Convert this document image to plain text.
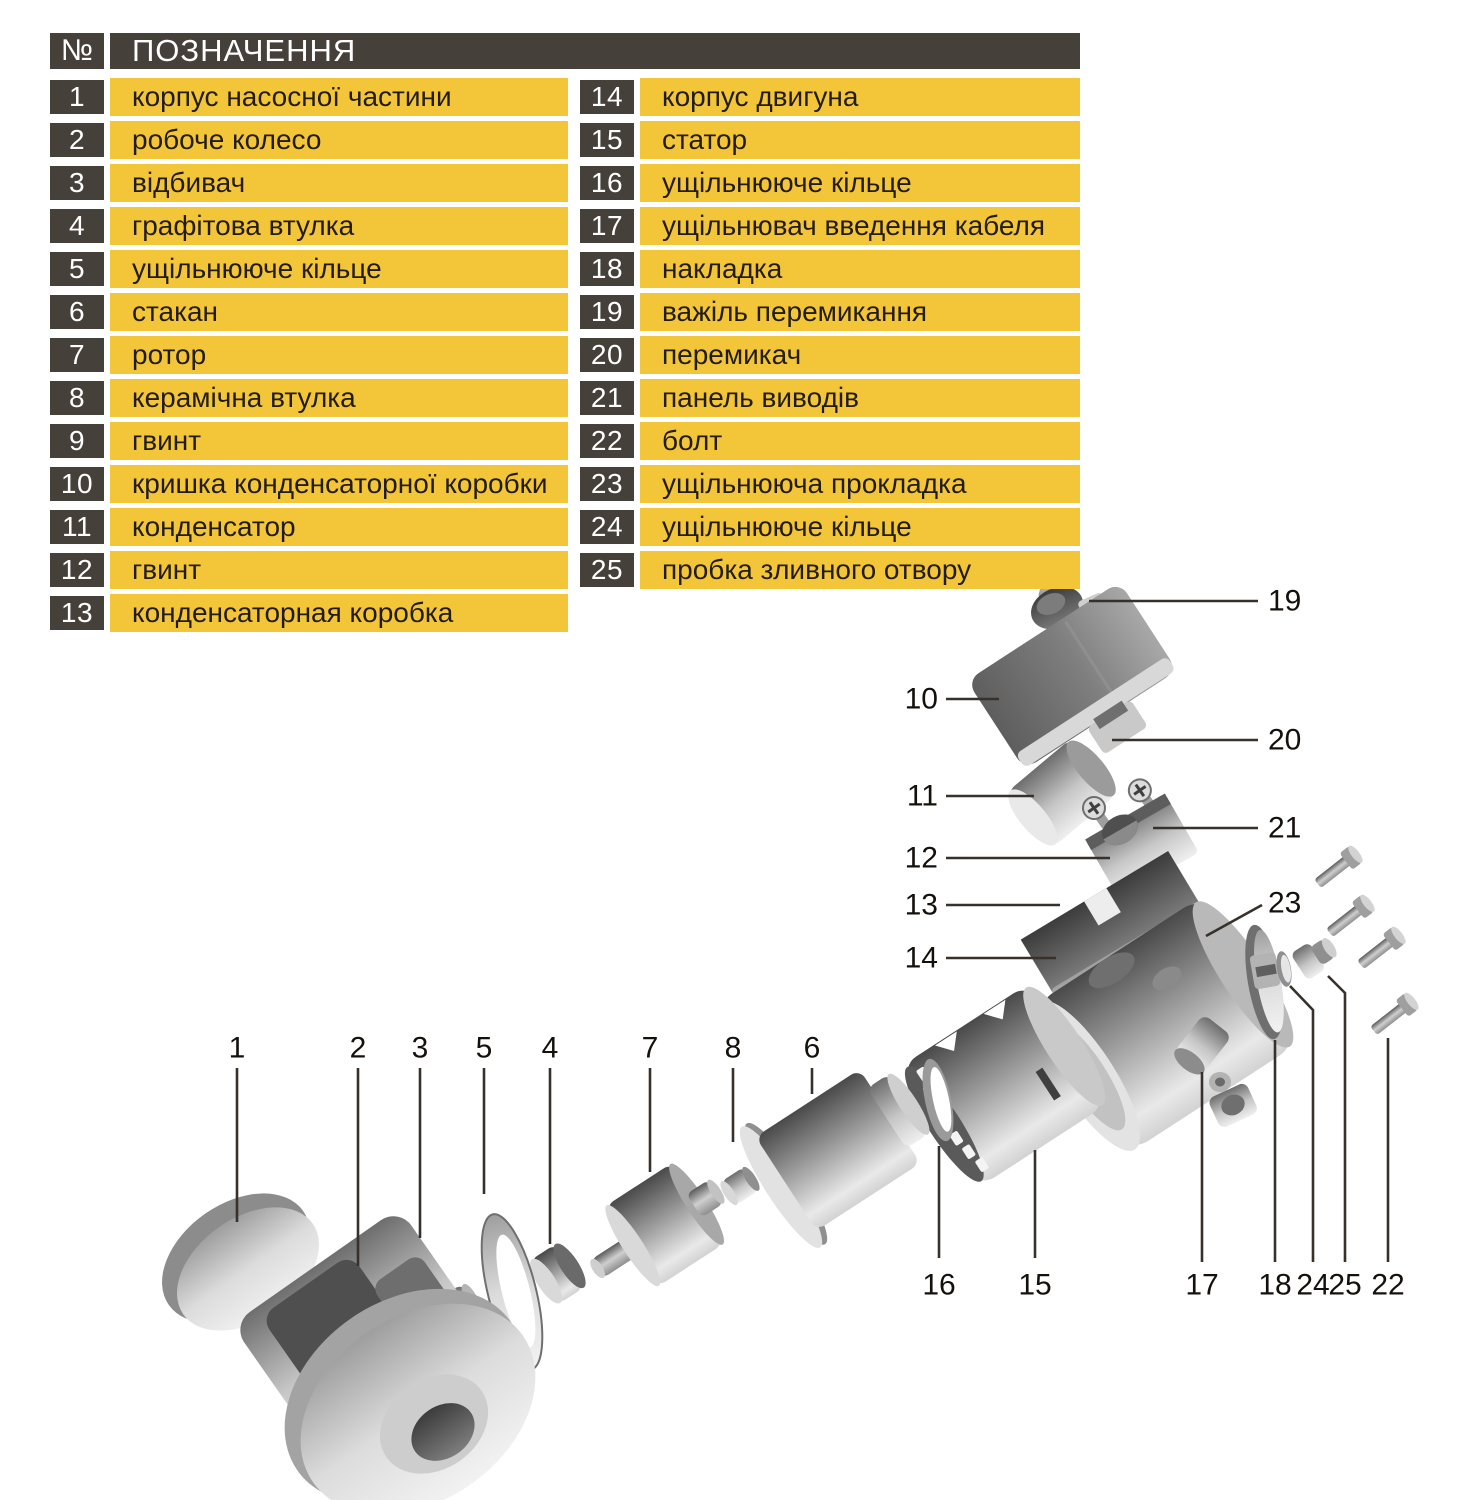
1	2 3 5 4	7 8 6
16 15	17 18 24
25 22
19
10
20
11
21
12
13
14
23
№	ПОЗНАЧЕННЯ
1	корпус насосної частини
2	робоче колесо
3	відбивач
4	графітова втулка
5	ущільнююче кільце
6	стакан
7	ротор
8	керамічна втулка
9	гвинт
10	кришка конденсаторної коробки
11	конденсатор
12	гвинт
13	конденсаторная коробка
14	корпус двигуна
15	статор
16	ущільнююче кільце
17	ущільнювач введення кабеля
18	накладка
19	важіль перемикання
20	перемикач
21	панель виводів
22	болт
23	ущільнююча прокладка
24	ущільнююче кільце
25	пробка зливного отвору
